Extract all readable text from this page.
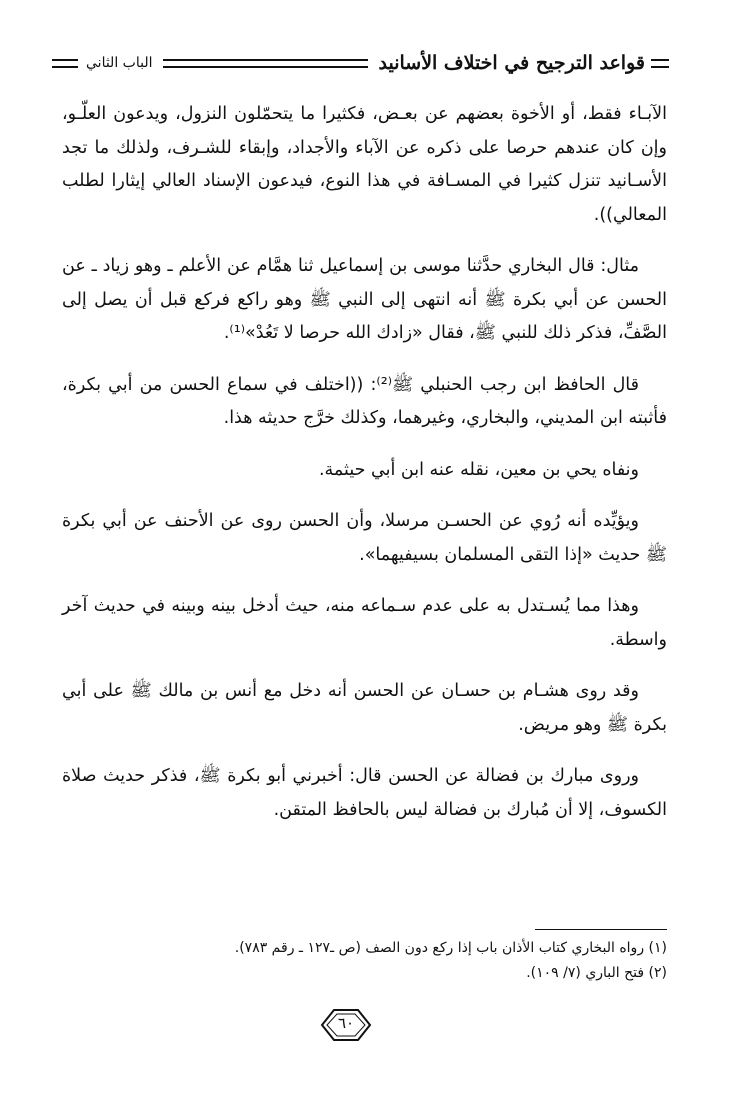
قواعد الترجيح في اختلاف الأسانيد
الباب الثاني

الآبـاء فقط، أو الأخوة بعضهم عن بعـض، فكثيرا ما يتحمّلون النزول، ويدعون العلّـو، وإن كان عندهم حرصا على ذكره عن الآباء والأجداد، وإبقاء للشـرف، ولذلك ما تجد الأسـانيد تنزل كثيرا في المسـافة في هذا النوع، فيدعون الإسناد العالي إيثارا لطلب المعالي)).

مثال: قال البخاري حدَّثنا موسى بن إسماعيل ثنا همَّام عن الأعلم ـ وهو زياد ـ عن الحسن عن أبي بكرة ﷺ أنه انتهى إلى النبي ﷺ وهو راكع فركع قبل أن يصل إلى الصَّفِّ، فذكر ذلك للنبي ﷺ، فقال «زادك الله حرصا لا تَعُدْ»⁽¹⁾.

قال الحافظ ابن رجب الحنبلي ﷺ⁽²⁾: ((اختلف في سماع الحسن من أبي بكرة، فأثبته ابن المديني، والبخاري، وغيرهما، وكذلك خرَّج حديثه هذا.

ونفاه يحي بن معين، نقله عنه ابن أبي حيثمة.

ويؤيِّده أنه رُوي عن الحسـن مرسلا، وأن الحسن روى عن الأحنف عن أبي بكرة ﷺ حديث «إذا التقى المسلمان بسيفيهما».

وهذا مما يُسـتدل به على عدم سـماعه منه، حيث أدخل بينه وبينه في حديث آخر واسطة.

وقد روى هشـام بن حسـان عن الحسن أنه دخل مع أنس بن مالك ﷺ على أبي بكرة ﷺ وهو مريض.

وروى مبارك بن فضالة عن الحسن قال: أخبرني أبو بكرة ﷺ، فذكر حديث صلاة الكسوف، إلا أن مُبارك بن فضالة ليس بالحافظ المتقن.

(١) رواه البخاري كتاب الأذان باب إذا ركع دون الصف (ص ـ١٢٧ ـ رقم ٧٨٣).
(٢) فتح الباري (٧/ ١٠٩).
٦٠
